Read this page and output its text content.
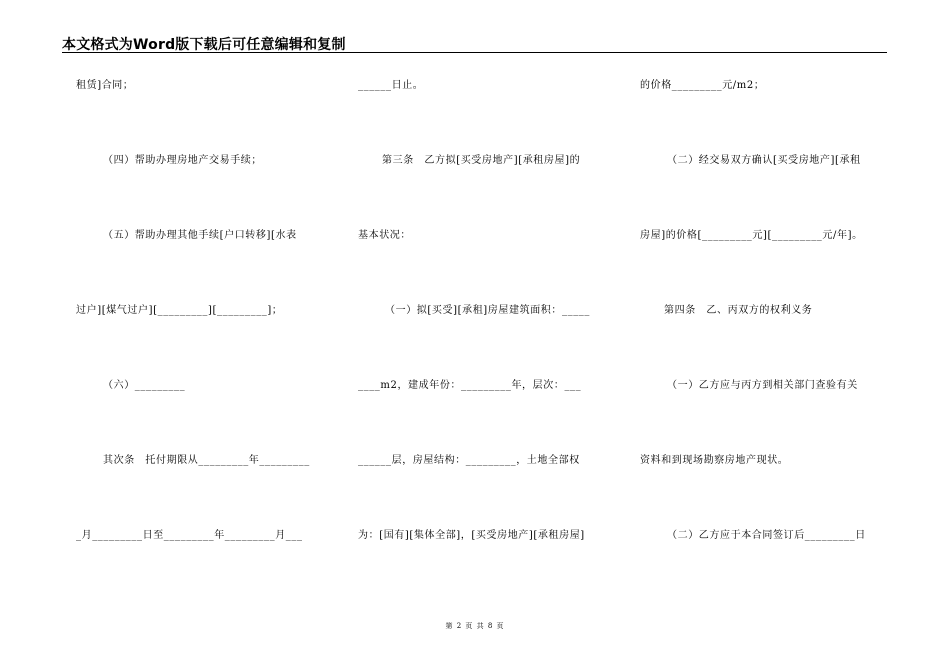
本文格式为Word版下载后可任意编辑和复制
租赁]合同；
（四）帮助办理房地产交易手续；
（五）帮助办理其他手续[户口转移][水表
过户][煤气过户][_________][_________]；
（六）_________
其次条　托付期限从_________年_________
_月_________日至_________年_________月___
______日止。
第三条　乙方拟[买受房地产][承租房屋]的
基本状况：
（一）拟[买受][承租]房屋建筑面积：_____
____m2，建成年份：_________年，层次：___
______层，房屋结构：_________，土地全部权
为：[国有][集体全部]，[买受房地产][承租房屋]
的价格_________元/m2；
（二）经交易双方确认[买受房地产][承租
房屋]的价格[_________元][_________元/年]。
第四条　乙、丙双方的权利义务
（一）乙方应与丙方到相关部门查验有关
资料和到现场勘察房地产现状。
（二）乙方应于本合同签订后_________日
第 2 页 共 8 页
